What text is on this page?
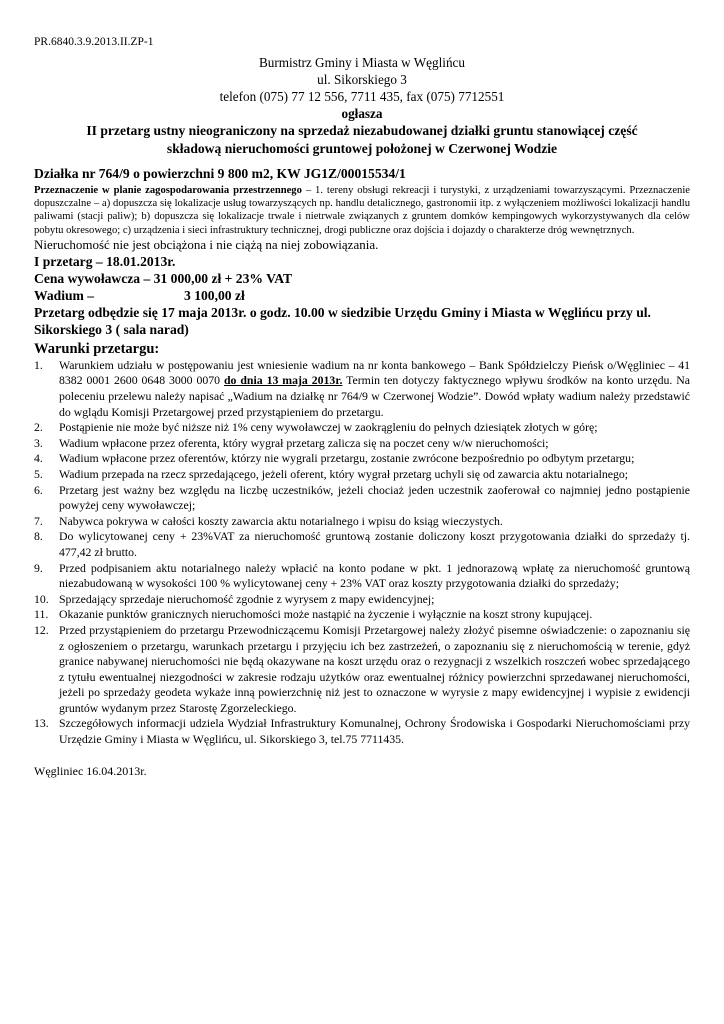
PR.6840.3.9.2013.II.ZP-1
Burmistrz Gminy i Miasta w Węglińcu
ul. Sikorskiego 3
telefon (075) 77 12 556, 7711 435, fax (075) 7712551
ogłasza
II przetarg ustny nieograniczony na sprzedaż niezabudowanej działki gruntu stanowiącej część
składową nieruchomości gruntowej położonej w Czerwonej Wodzie

Działka nr 764/9 o powierzchni 9 800 m2, KW JG1Z/00015534/1

Przeznaczenie w planie zagospodarowania przestrzennego – 1. tereny obsługi rekreacji i turystyki, z urządzeniami towarzyszącymi. Przeznaczenie dopuszczalne – a) dopuszcza się lokalizacje usług towarzyszących np. handlu detalicznego, gastronomii itp. z wyłączeniem możliwości lokalizacji handlu paliwami (stacji paliw); b) dopuszcza się lokalizacje trwale i nietrwale związanych z gruntem domków kempingowych wykorzystywanych dla celów pobytu okresowego; c) urządzenia i sieci infrastruktury technicznej, drogi publiczne oraz dojścia i dojazdy o charakterze dróg wewnętrznych.

Nieruchomość nie jest obciążona i nie ciążą na niej zobowiązania.

I przetarg – 18.01.2013r.

Cena wywoławcza – 31 000,00 zł + 23% VAT

Wadium –	3 100,00 zł

Przetarg odbędzie się 17 maja 2013r. o godz. 10.00 w siedzibie Urzędu Gminy i Miasta w Węglińcu przy ul. Sikorskiego 3 ( sala narad)

Warunki przetargu:

1.	Warunkiem udziału w postępowaniu jest wniesienie wadium na nr konta bankowego – Bank Spółdzielczy Pieńsk o/Węgliniec – 41 8382 0001 2600 0648 3000 0070 do dnia 13 maja 2013r. Termin ten dotyczy faktycznego wpływu środków na konto urzędu. Na poleceniu przelewu należy napisać „Wadium na działkę nr 764/9 w Czerwonej Wodzie”. Dowód wpłaty wadium należy przedstawić do wglądu Komisji Przetargowej przed przystąpieniem do przetargu.
2.	Postąpienie nie może być niższe niż 1% ceny wywoławczej w zaokrągleniu do pełnych dziesiątek złotych w górę;
3.	Wadium wpłacone przez oferenta, który wygrał przetarg zalicza się na poczet ceny w/w nieruchomości;
4.	Wadium wpłacone przez oferentów, którzy nie wygrali przetargu, zostanie zwrócone bezpośrednio po odbytym przetargu;
5.	Wadium przepada na rzecz sprzedającego, jeżeli oferent, który wygrał przetarg uchyli się od zawarcia aktu notarialnego;
6.	Przetarg jest ważny bez względu na liczbę uczestników, jeżeli chociaż jeden uczestnik zaoferował co najmniej jedno postąpienie powyżej ceny wywoławczej;
7.	Nabywca pokrywa w całości koszty zawarcia aktu notarialnego i wpisu do ksiąg wieczystych.
8.	Do wylicytowanej ceny + 23%VAT za nieruchomość gruntową zostanie doliczony koszt przygotowania działki do sprzedaży tj. 477,42 zł brutto.
9.	Przed podpisaniem aktu notarialnego należy wpłacić na konto podane w pkt. 1 jednorazową wpłatę za nieruchomość gruntową niezabudowaną w wysokości 100 % wylicytowanej ceny + 23% VAT oraz koszty przygotowania działki do sprzedaży;
10. Sprzedający sprzedaje nieruchomość zgodnie z wyrysem z mapy ewidencyjnej;
11. Okazanie punktów granicznych nieruchomości może nastąpić na życzenie i wyłącznie na koszt strony kupującej.
12. Przed przystąpieniem do przetargu Przewodniczącemu Komisji Przetargowej należy złożyć pisemne oświadczenie: o zapoznaniu się z ogłoszeniem o przetargu, warunkach przetargu i przyjęciu ich bez zastrzeżeń, o zapoznaniu się z nieruchomością w terenie, gdyż granice nabywanej nieruchomości nie będą okazywane na koszt urzędu oraz o rezygnacji z wszelkich roszczeń wobec sprzedającego z tytułu ewentualnej niezgodności w zakresie rodzaju użytków oraz ewentualnej różnicy powierzchni sprzedawanej nieruchomości, jeżeli po sprzedaży geodeta wykaże inną powierzchnię niż jest to oznaczone w wyrysie z mapy ewidencyjnej i wypisie z ewidencji gruntów wydanym przez Starostę Zgorzeleckiego.
13. Szczegółowych informacji udziela Wydział Infrastruktury Komunalnej, Ochrony Środowiska i Gospodarki Nieruchomościami przy Urzędzie Gminy i Miasta w Węglińcu, ul. Sikorskiego 3, tel.75 7711435.
Węgliniec 16.04.2013r.
